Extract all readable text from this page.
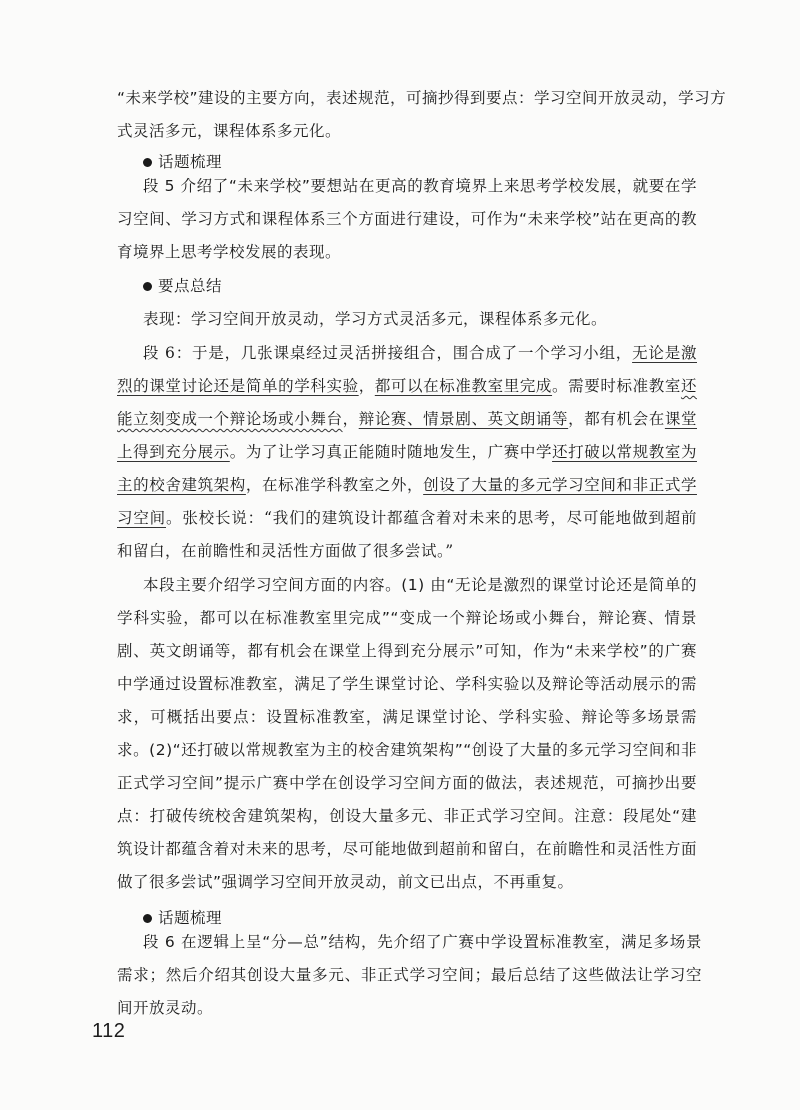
“未来学校”建设的主要方向，表述规范，可摘抄得到要点：学习空间开放灵动，学习方
式灵活多元，课程体系多元化。

话题梳理

段 5 介绍了“未来学校”要想站在更高的教育境界上来思考学校发展，就要在学习空间、学习方式和课程体系三个方面进行建设，可作为“未来学校”站在更高的教育境界上思考学校发展的表现。

要点总结

表现：学习空间开放灵动，学习方式灵活多元，课程体系多元化。

段 6：于是，几张课桌经过灵活拼接组合，围合成了一个学习小组，无论是激烈的课堂讨论还是简单的学科实验，都可以在标准教室里完成。需要时标准教室还能立刻变成一个辩论场或小舞台，辩论赛、情景剧、英文朗诵等，都有机会在课堂上得到充分展示。为了让学习真正能随时随地发生，广赛中学还打破以常规教室为主的校舍建筑架构，在标准学科教室之外，创设了大量的多元学习空间和非正式学习空间。张校长说：“我们的建筑设计都蕴含着对未来的思考，尽可能地做到超前和留白，在前瞻性和灵活性方面做了很多尝试。”

本段主要介绍学习空间方面的内容。(1) 由“无论是激烈的课堂讨论还是简单的学科实验，都可以在标准教室里完成”“变成一个辩论场或小舞台，辩论赛、情景剧、英文朗诵等，都有机会在课堂上得到充分展示”可知，作为“未来学校”的广赛中学通过设置标准教室，满足了学生课堂讨论、学科实验以及辩论等活动展示的需求，可概括出要点：设置标准教室，满足课堂讨论、学科实验、辩论等多场景需求。(2)“还打破以常规教室为主的校舍建筑架构”“创设了大量的多元学习空间和非正式学习空间”提示广赛中学在创设学习空间方面的做法，表述规范，可摘抄出要点：打破传统校舍建筑架构，创设大量多元、非正式学习空间。注意：段尾处“建筑设计都蕴含着对未来的思考，尽可能地做到超前和留白，在前瞻性和灵活性方面做了很多尝试”强调学习空间开放灵动，前文已出点，不再重复。

话题梳理

段 6 在逻辑上呈“分—总”结构，先介绍了广赛中学设置标准教室，满足多场景需求；然后介绍其创设大量多元、非正式学习空间；最后总结了这些做法让学习空间开放灵动。

112
